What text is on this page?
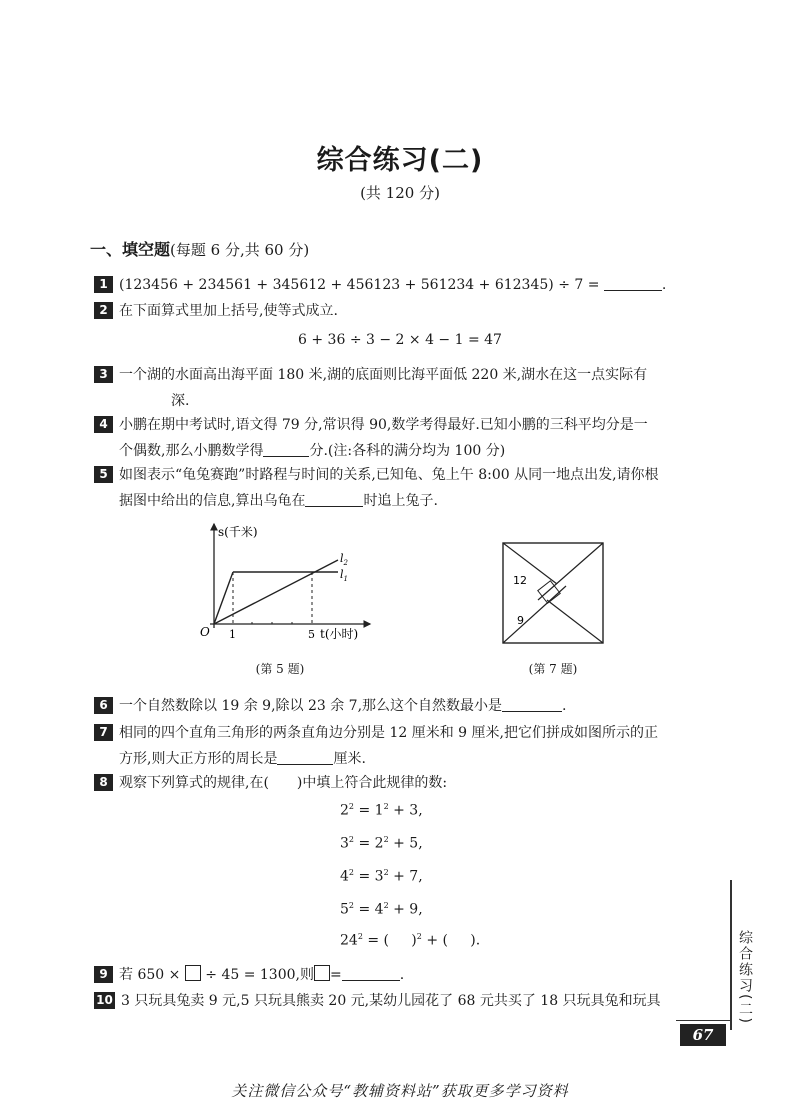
综合练习(二)
(共 120 分)
一、填空题(每题 6 分,共 60 分)
1 (123456 + 234561 + 345612 + 456123 + 561234 + 612345) ÷ 7 =	.
2 在下面算式里加上括号,使等式成立.
6 + 36 ÷ 3 − 2 × 4 − 1 = 47
3 一个湖的水面高出海平面 180 米,湖的底面则比海平面低 220 米,湖水在这一点实际有
深.
4 小鹏在期中考试时,语文得 79 分,常识得 90,数学考得最好.已知小鹏的三科平均分是一
个偶数,那么小鹏数学得	分.(注:各科的满分均为 100 分)
5 如图表示“龟兔赛跑”时路程与时间的关系,已知龟、兔上午 8:00 从同一地点出发,请你根
据图中给出的信息,算出乌龟在	时追上兔子.
s(千米)
t(小时)
O 1	5
$l_2$
$l_1$
(第 5 题)
12
9
(第 7 题)
6 一个自然数除以 19 余 9,除以 23 余 7,那么这个自然数最小是	.
7 相同的四个直角三角形的两条直角边分别是 12 厘米和 9 厘米,把它们拼成如图所示的正
方形,则大正方形的周长是	厘米.
8 观察下列算式的规律,在(　　)中填上符合此规律的数:
$2^2 = 1^2 + 3$,
$3^2 = 2^2 + 5$,
$4^2 = 3^2 + 7$,
$5^2 = 4^2 + 9$,
$24^2$ = ( )$^2$ + ( ).
9 若 650 × ÷ 45 = 1300,则 =	.
10 3 只玩具兔卖 9 元,5 只玩具熊卖 20 元,某幼儿园花了 68 元共买了 18 只玩具兔和玩具	综合练习(二)
67
关注微信公众号“教辅资料站”获取更多学习资料
